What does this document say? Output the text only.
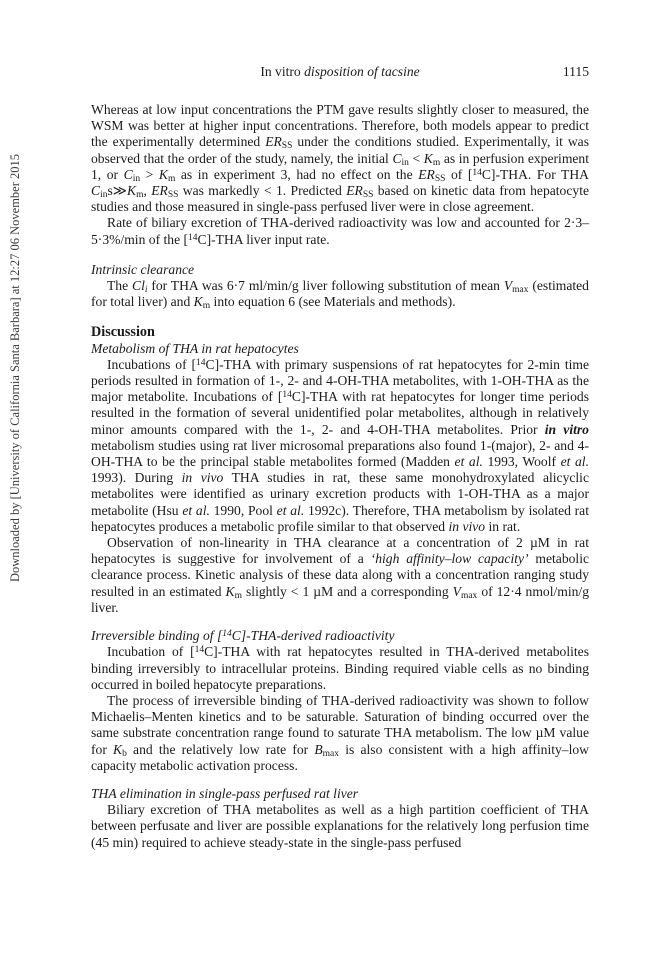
Downloaded by [University of California Santa Barbara] at 12:27 06 November 2015
In vitro disposition of tacsine	1115

Whereas at low input concentrations the PTM gave results slightly closer to measured, the WSM was better at higher input concentrations. Therefore, both models appear to predict the experimentally determined $ER_{SS}$ under the conditions studied. Experimentally, it was observed that the order of the study, namely, the initial $C_{in} < K_m$ as in perfusion experiment 1, or $C_{in} > K_m$ as in experiment 3, had no effect on the $ER_{SS}$ of [$^{14}$C]-THA. For THA $C_{in}s≫K_m$, $ER_{SS}$ was markedly < 1. Predicted $ER_{SS}$ based on kinetic data from hepatocyte studies and those measured in single-pass perfused liver were in close agreement.

Rate of biliary excretion of THA-derived radioactivity was low and accounted for 2·3–5·3%/min of the [$^{14}$C]-THA liver input rate.

Intrinsic clearance

The $Cl_i$ for THA was 6·7 ml/min/g liver following substitution of mean $V_{max}$ (estimated for total liver) and $K_m$ into equation 6 (see Materials and methods).

Discussion

Metabolism of THA in rat hepatocytes

Incubations of [$^{14}$C]-THA with primary suspensions of rat hepatocytes for 2-min time periods resulted in formation of 1-, 2- and 4-OH-THA metabolites, with 1-OH-THA as the major metabolite. Incubations of [$^{14}$C]-THA with rat hepatocytes for longer time periods resulted in the formation of several unidentified polar metabolites, although in relatively minor amounts compared with the 1-, 2- and 4-OH-THA metabolites. Prior in vitro metabolism studies using rat liver microsomal preparations also found 1-(major), 2- and 4-OH-THA to be the principal stable metabolites formed (Madden et al. 1993, Woolf et al. 1993). During in vivo THA studies in rat, these same monohydroxylated alicyclic metabolites were identified as urinary excretion products with 1-OH-THA as a major metabolite (Hsu et al. 1990, Pool et al. 1992c). Therefore, THA metabolism by isolated rat hepatocytes produces a metabolic profile similar to that observed in vivo in rat.

Observation of non-linearity in THA clearance at a concentration of 2 µM in rat hepatocytes is suggestive for involvement of a ‘high affinity–low capacity’ metabolic clearance process. Kinetic analysis of these data along with a concentration ranging study resulted in an estimated $K_m$ slightly < 1 µM and a corresponding $V_{max}$ of 12·4 nmol/min/g liver.

Irreversible binding of [$^{14}$C]-THA-derived radioactivity

Incubation of [$^{14}$C]-THA with rat hepatocytes resulted in THA-derived metabolites binding irreversibly to intracellular proteins. Binding required viable cells as no binding occurred in boiled hepatocyte preparations.

The process of irreversible binding of THA-derived radioactivity was shown to follow Michaelis–Menten kinetics and to be saturable. Saturation of binding occurred over the same substrate concentration range found to saturate THA metabolism. The low µM value for $K_b$ and the relatively low rate for $B_{max}$ is also consistent with a high affinity–low capacity metabolic activation process.

THA elimination in single-pass perfused rat liver

Biliary excretion of THA metabolites as well as a high partition coefficient of THA between perfusate and liver are possible explanations for the relatively long perfusion time (45 min) required to achieve steady-state in the single-pass perfused
